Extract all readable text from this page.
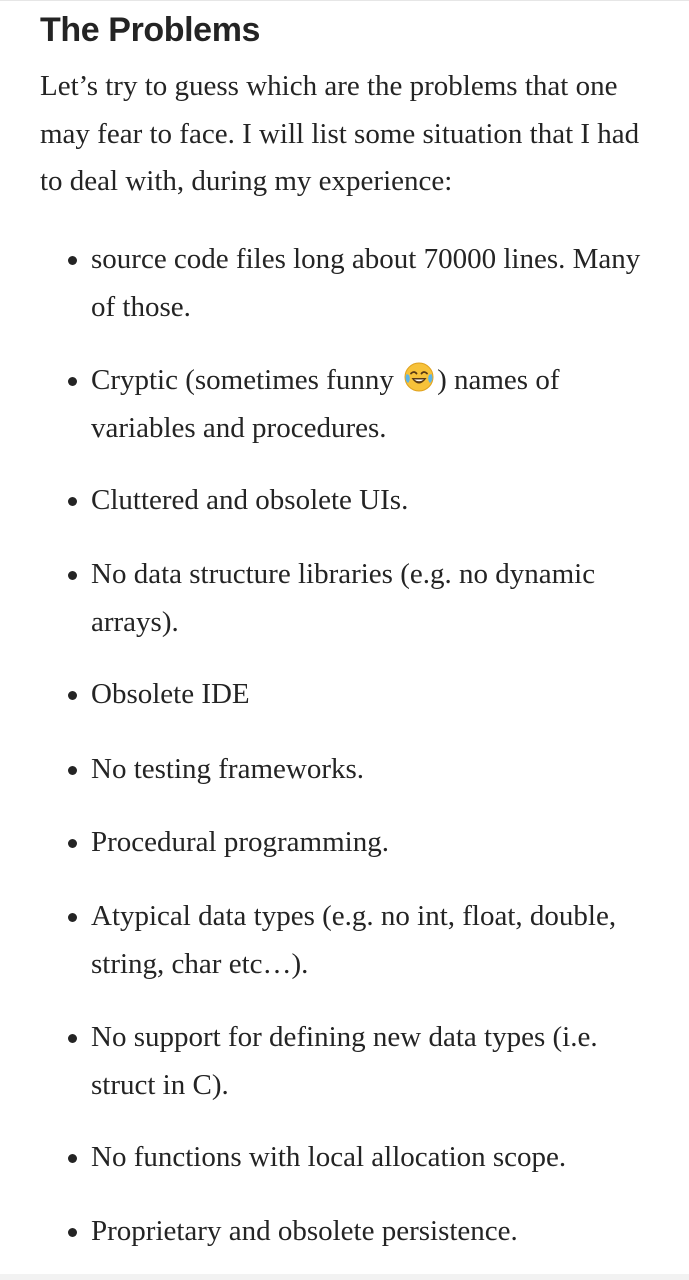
The Problems

Let’s try to guess which are the problems that one may fear to face. I will list some situation that I had to deal with, during my experience:

source code files long about 70000 lines. Many of those.
Cryptic (sometimes funny
) names of variables and procedures.
Cluttered and obsolete UIs.
No data structure libraries (e.g. no dynamic arrays).
Obsolete IDE
No testing frameworks.
Procedural programming.
Atypical data types (e.g. no int, float, double, string, char etc…).
No support for defining new data types (i.e. struct in C).
No functions with local allocation scope.
Proprietary and obsolete persistence.
